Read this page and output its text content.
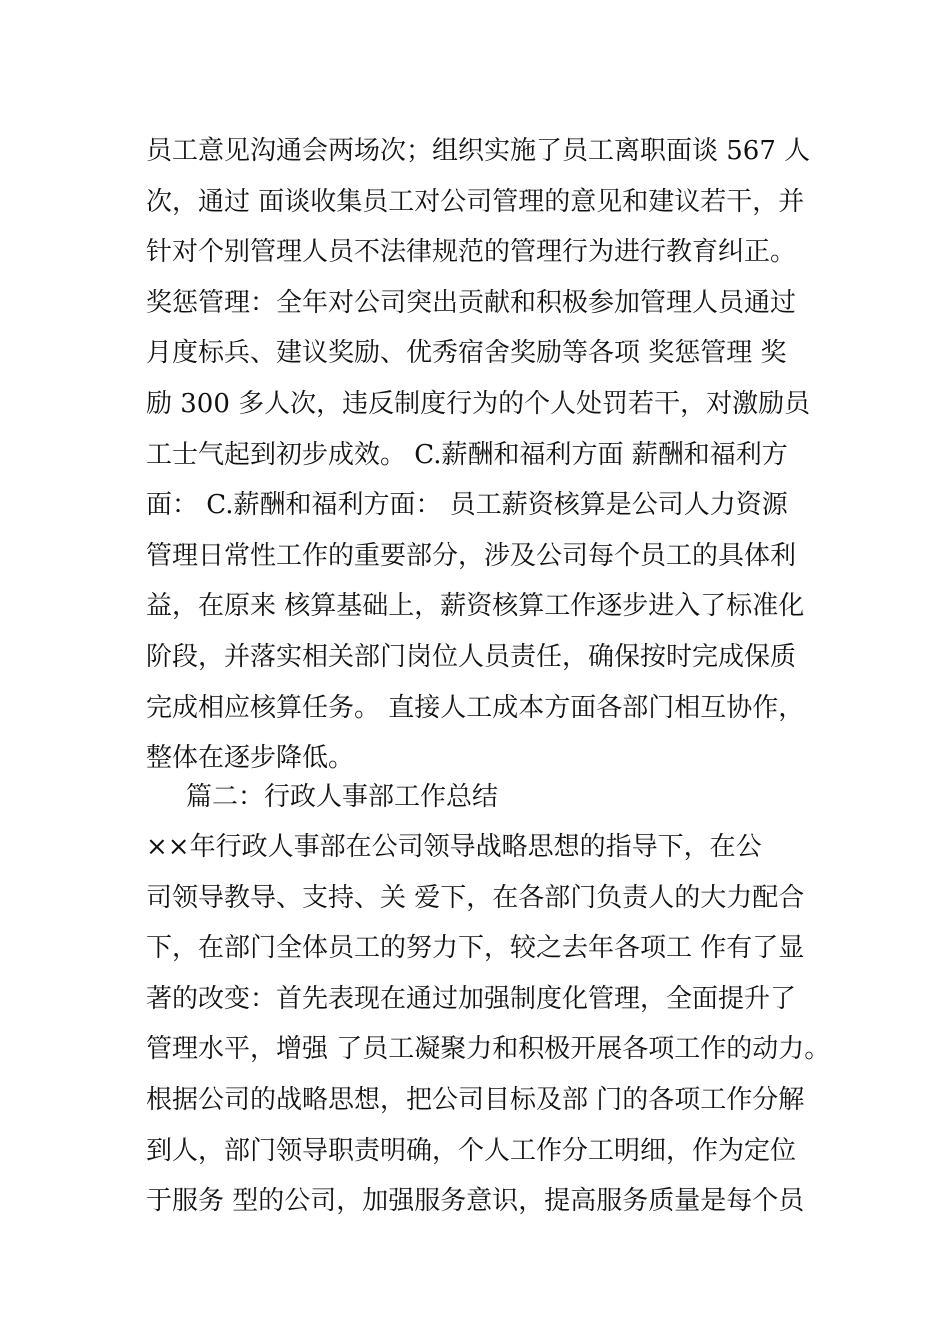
员工意见沟通会两场次；组织实施了员工离职面谈 567 人
次，通过 面谈收集员工对公司管理的意见和建议若干，并
针对个别管理人员不法律规范的管理行为进行教育纠正。
奖惩管理：全年对公司突出贡献和积极参加管理人员通过
月度标兵、建议奖励、优秀宿舍奖励等各项 奖惩管理 奖
励 300 多人次，违反制度行为的个人处罚若干，对激励员
工士气起到初步成效。 C.薪酬和福利方面 薪酬和福利方
面： C.薪酬和福利方面： 员工薪资核算是公司人力资源
管理日常性工作的重要部分，涉及公司每个员工的具体利
益，在原来 核算基础上，薪资核算工作逐步进入了标准化
阶段，并落实相关部门岗位人员责任，确保按时完成保质
完成相应核算任务。 直接人工成本方面各部门相互协作，
整体在逐步降低。
篇二：行政人事部工作总结
××年行政人事部在公司领导战略思想的指导下，在公
司领导教导、支持、关 爱下，在各部门负责人的大力配合
下，在部门全体员工的努力下，较之去年各项工 作有了显
著的改变：首先表现在通过加强制度化管理，全面提升了
管理水平，增强 了员工凝聚力和积极开展各项工作的动力。
根据公司的战略思想，把公司目标及部 门的各项工作分解
到人，部门领导职责明确，个人工作分工明细，作为定位
于服务 型的公司，加强服务意识，提高服务质量是每个员
